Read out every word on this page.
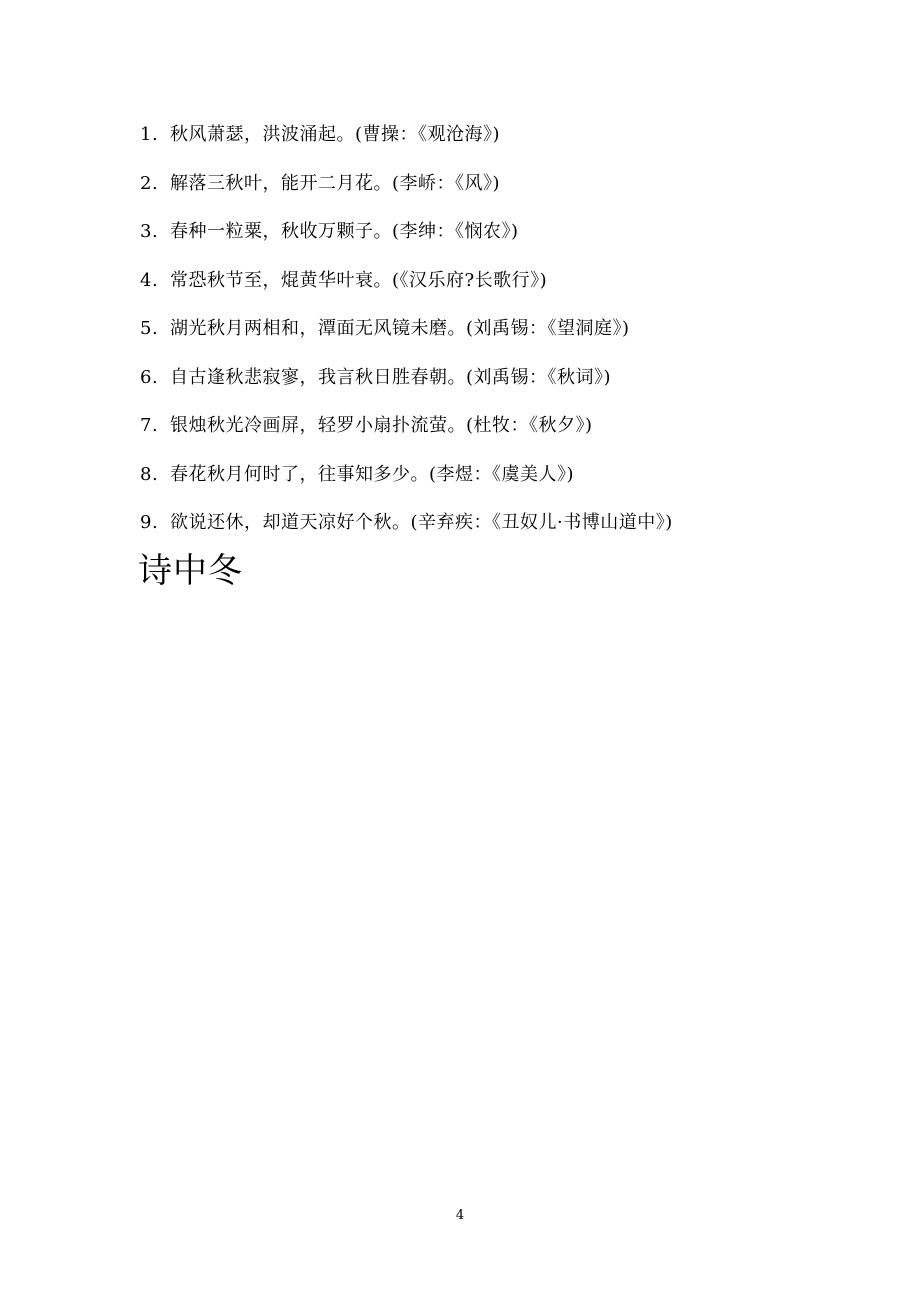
1. 秋风萧瑟，洪波涌起。(曹操：《观沧海》)
2. 解落三秋叶，能开二月花。(李峤：《风》)
3. 春种一粒粟，秋收万颗子。(李绅：《悯农》)
4. 常恐秋节至，焜黄华叶衰。(《汉乐府?长歌行》)
5. 湖光秋月两相和，潭面无风镜未磨。(刘禹锡：《望洞庭》)
6. 自古逢秋悲寂寥，我言秋日胜春朝。(刘禹锡：《秋词》)
7. 银烛秋光冷画屏，轻罗小扇扑流萤。(杜牧：《秋夕》)
8. 春花秋月何时了，往事知多少。(李煜：《虞美人》)
9. 欲说还休，却道天凉好个秋。(辛弃疾：《丑奴儿·书博山道中》)
诗中冬
4
